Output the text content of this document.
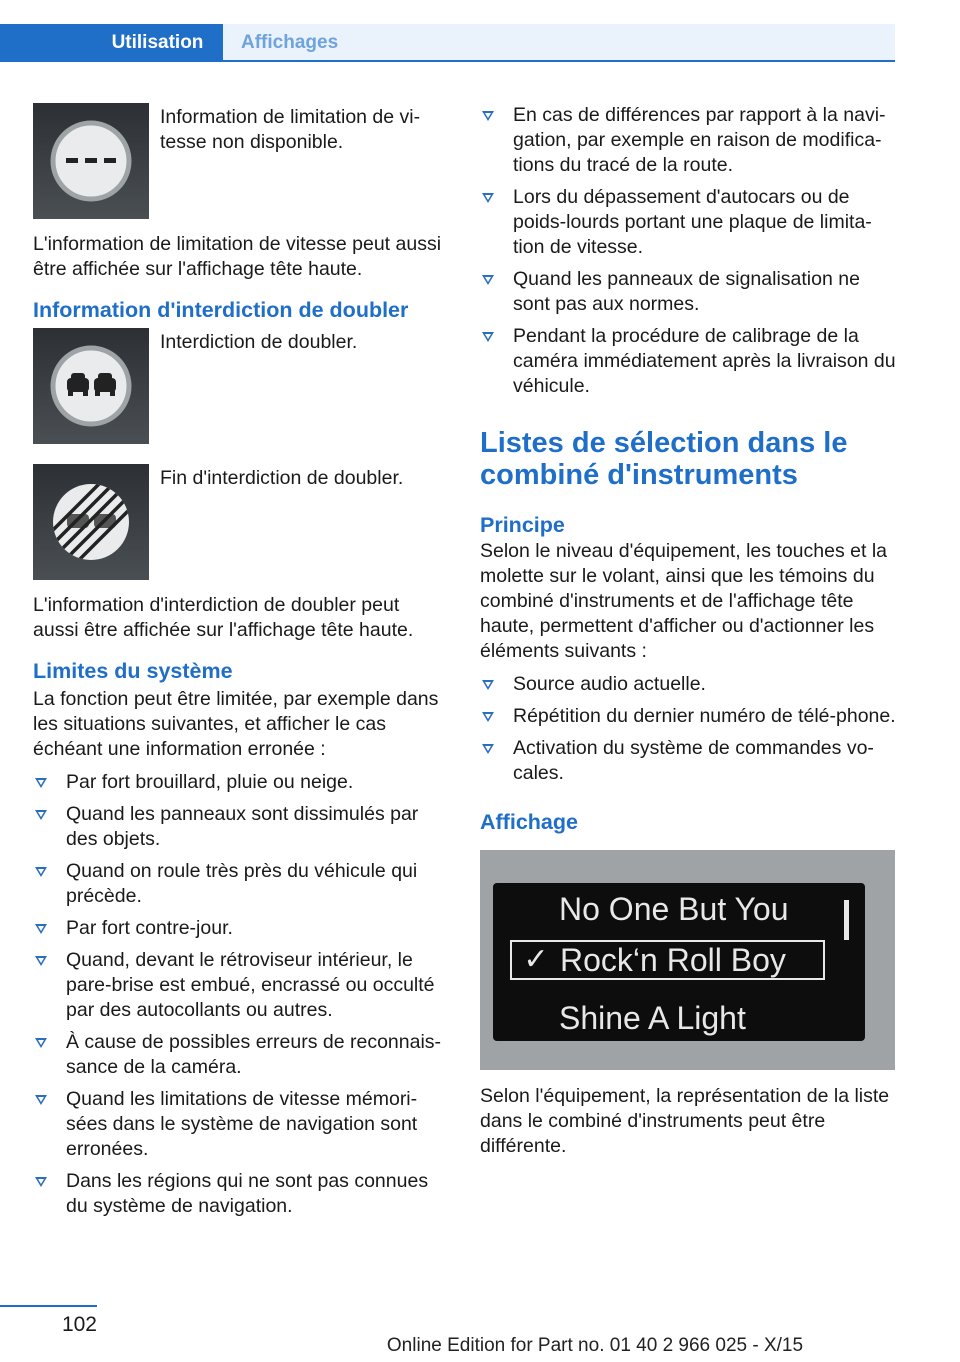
Utilisation	Affichages

Information de limitation de vi-tesse non disponible.

L'information de limitation de vitesse peut aussi être affichée sur l'affichage tête haute.

Information d'interdiction de doubler

Interdiction de doubler.

Fin d'interdiction de doubler.

L'information d'interdiction de doubler peut aussi être affichée sur l'affichage tête haute.

Limites du système

La fonction peut être limitée, par exemple dans les situations suivantes, et afficher le cas échéant une information erronée :

Par fort brouillard, pluie ou neige.
Quand les panneaux sont dissimulés par des objets.
Quand on roule très près du véhicule qui précède.
Par fort contre-jour.
Quand, devant le rétroviseur intérieur, le pare-brise est embué, encrassé ou occulté par des autocollants ou autres.
À cause de possibles erreurs de reconnais-sance de la caméra.
Quand les limitations de vitesse mémori-sées dans le système de navigation sont erronées.
Dans les régions qui ne sont pas connues du système de navigation.
En cas de différences par rapport à la navi-gation, par exemple en raison de modifica-tions du tracé de la route.
Lors du dépassement d'autocars ou de poids-lourds portant une plaque de limita-tion de vitesse.
Quand les panneaux de signalisation ne sont pas aux normes.
Pendant la procédure de calibrage de la caméra immédiatement après la livraison du véhicule.
Listes de sélection dans le combiné d'instruments
Principe

Selon le niveau d'équipement, les touches et la molette sur le volant, ainsi que les témoins du combiné d'instruments et de l'affichage tête haute, permettent d'afficher ou d'actionner les éléments suivants :

Source audio actuelle.
Répétition du dernier numéro de télé-phone.
Activation du système de commandes vo-cales.
Affichage
No One But You
✓ Rock‘n Roll Boy
Shine A Light

Selon l'équipement, la représentation de la liste dans le combiné d'instruments peut être différente.

102
Online Edition for Part no. 01 40 2 966 025 - X/15
